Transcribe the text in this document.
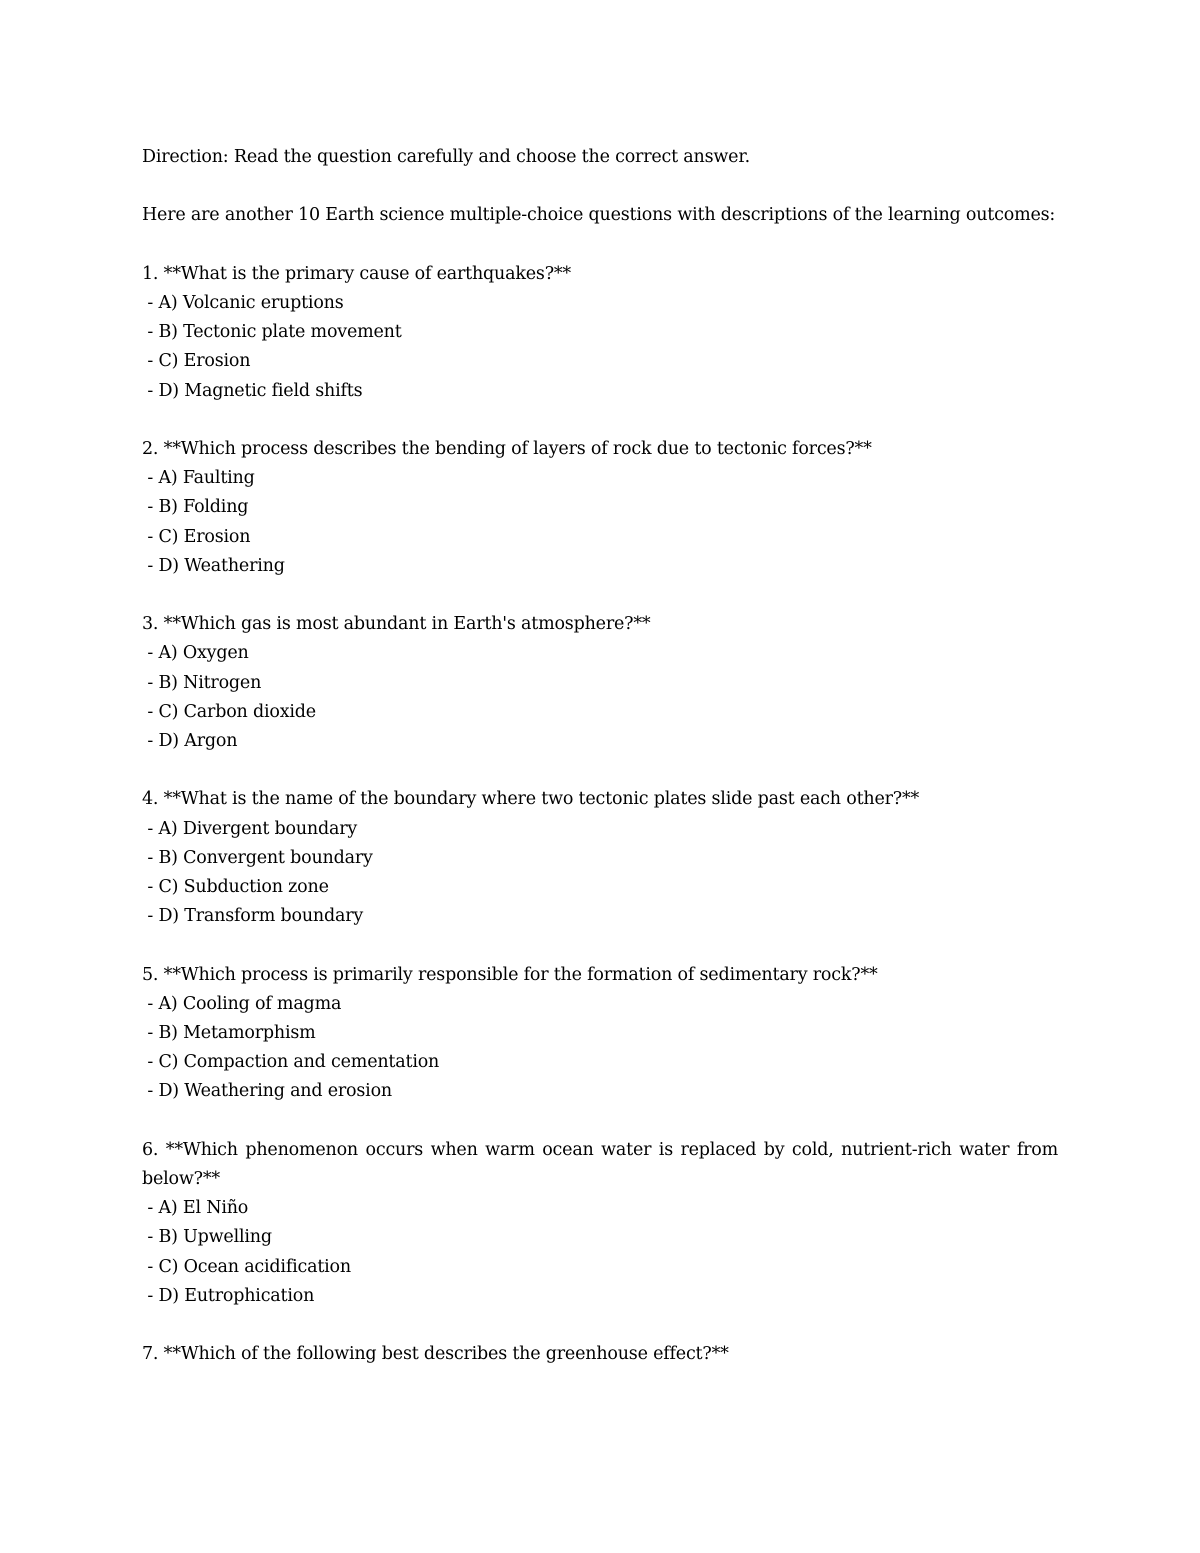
Direction: Read the question carefully and choose the correct answer.

Here are another 10 Earth science multiple-choice questions with descriptions of the learning outcomes:

1. **What is the primary cause of earthquakes?**

- A) Volcanic eruptions

- B) Tectonic plate movement

- C) Erosion

- D) Magnetic field shifts

2. **Which process describes the bending of layers of rock due to tectonic forces?**

- A) Faulting

- B) Folding

- C) Erosion

- D) Weathering

3. **Which gas is most abundant in Earth's atmosphere?**

- A) Oxygen

- B) Nitrogen

- C) Carbon dioxide

- D) Argon

4. **What is the name of the boundary where two tectonic plates slide past each other?**

- A) Divergent boundary

- B) Convergent boundary

- C) Subduction zone

- D) Transform boundary

5. **Which process is primarily responsible for the formation of sedimentary rock?**

- A) Cooling of magma

- B) Metamorphism

- C) Compaction and cementation

- D) Weathering and erosion

6. **Which phenomenon occurs when warm ocean water is replaced by cold, nutrient-rich water from below?**

- A) El Niño

- B) Upwelling

- C) Ocean acidification

- D) Eutrophication

7. **Which of the following best describes the greenhouse effect?**
